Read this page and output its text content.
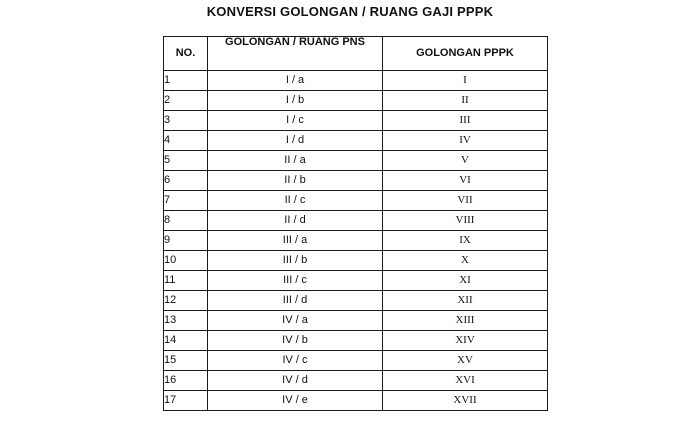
KONVERSI GOLONGAN / RUANG GAJI PPPK
NO.	GOLONGAN / RUANG PNS	GOLONGAN PPPK
1	I / a	I
2	I / b	II
3	I / c	III
4	I / d	IV
5	II / a	V
6	II / b	VI
7	II / c	VII
8	II / d	VIII
9	III / a	IX
10	III / b	X
11	III / c	XI
12	III / d	XII
13	IV / a	XIII
14	IV / b	XIV
15	IV / c	XV
16	IV / d	XVI
17	IV / e	XVII
